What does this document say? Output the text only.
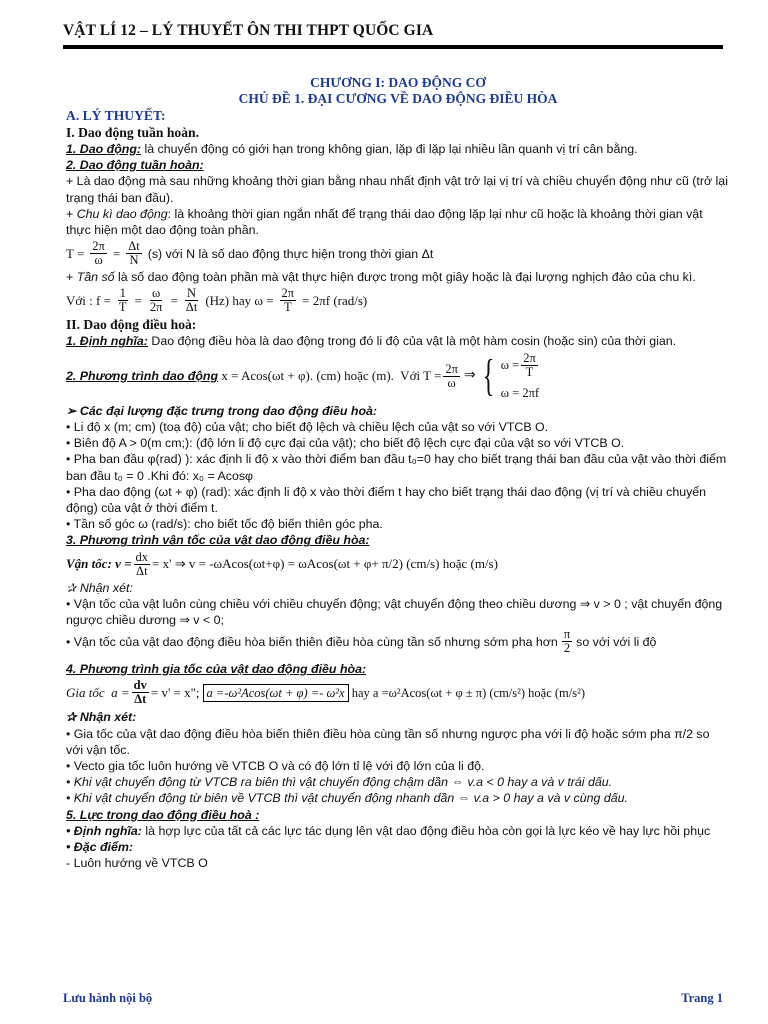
VẬT LÍ 12 – LÝ THUYẾT ÔN THI THPT QUỐC GIA
CHƯƠNG I: DAO ĐỘNG CƠ
CHỦ ĐỀ 1. ĐẠI CƯƠNG VỀ DAO ĐỘNG ĐIỀU HÒA
A. LÝ THUYẾT:
I. Dao động tuần hoàn.
1. Dao động: là chuyển động có giới hạn trong không gian, lặp đi lặp lại nhiều lần quanh vị trí cân bằng.
2. Dao động tuần hoàn:
+ Là dao động mà sau những khoảng thời gian bằng nhau nhất định vật trở lại vị trí và chiều chuyển động như cũ (trở lại trạng thái ban đầu).
+ Chu kì dao động: là khoảng thời gian ngắn nhất để trạng thái dao động lặp lại như cũ hoặc là khoảng thời gian vật thực hiện một dao động toàn phần.
$T = \frac{2\pi}{\omega} = \frac{\Delta t}{N} (s)$ với N là số dao động thực hiện trong thời gian Δt
+ Tần số là số dao động toàn phần mà vật thực hiện được trong một giây hoặc là đại lượng nghịch đảo của chu kì.
Với : $f = \frac{1}{T} = \frac{\omega}{2\pi} = \frac{N}{\Delta t} (Hz)$ hay $\omega = \frac{2\pi}{T} = 2\pi f$ (rad/s)
II. Dao động điều hoà:
1. Định nghĩa: Dao động điều hòa là dao động trong đó li độ của vật là một hàm cosin (hoặc sin) của thời gian.
2. Phương trình dao động x = Acos(ωt + φ). (cm) hoặc (m).  Với $T = \frac{2\pi}{\omega}$ ⇒ { $\omega = \frac{2\pi}{T}$
ω = 2πf
➢ Các đại lượng đặc trưng trong dao động điều hoà:
• Li độ x (m; cm) (toạ độ) của vật; cho biết độ lệch và chiều lệch của vật so với VTCB O.
• Biên độ A > 0(m cm;): (độ lớn li độ cực đại của vật); cho biết độ lệch cực đại của vật so với VTCB O.
• Pha ban đầu φ(rad) ): xác định li độ x vào thời điểm ban đầu t₀=0 hay cho biết trạng thái ban đầu của vật vào thời điểm ban đầu t₀ = 0 .Khi đó: x₀ = Acosφ
• Pha dao động (ωt + φ) (rad): xác định li độ x vào thời điểm t hay cho biết trạng thái dao động (vị trí và chiều chuyển động) của vật ở thời điểm t.
• Tần số góc ω (rad/s): cho biết tốc độ biến thiên góc pha.
3. Phương trình vận tốc của vật dao động điều hòa:
Vận tốc: $v = \frac{dx}{\Delta t} = x'$ ⇒ v = -ωAcos(ωt+φ) = ωAcos(ωt + φ+ π/2) (cm/s) hoặc (m/s)
✰ Nhận xét:
• Vận tốc của vật luôn cùng chiều với chiều chuyển động; vật chuyển động theo chiều dương ⇒ v > 0 ; vật chuyển động ngược chiều dương ⇒ v < 0;
• Vận tốc của vật dao động điều hòa biến thiên điều hòa cùng tần số nhưng sớm pha hơn $\frac{\pi}{2}$ so với với li độ
4. Phương trình gia tốc của vật dao động điều hòa:
Gia tốc  $a = \frac{dv}{\Delta t} = v' = x$"; a =-ω²Acos(ωt + φ) =- ω²x hay a =ω²Acos(ωt + φ ± π) (cm/s²) hoặc (m/s²)
✰ Nhận xét:
• Gia tốc của vật dao động điều hòa biến thiên điều hòa cùng tần số nhưng ngược pha với li độ hoặc sớm pha π/2 so với vận tốc.
• Vecto gia tốc luôn hướng về VTCB O và có độ lớn tỉ lệ với độ lớn của li độ.
• Khi vật chuyển động từ VTCB ra biên thì vật chuyển động chậm dần ⇔ v.a < 0 hay a và v trái dấu.
• Khi vật chuyển động từ biên về VTCB thì vật chuyển động nhanh dần ⇔ v.a > 0 hay a và v cùng dấu.
5. Lực trong dao động điều hoà :
• Định nghĩa: là hợp lực của tất cả các lực tác dụng lên vật dao động điều hòa còn gọi là lực kéo về hay lực hồi phục
• Đặc điểm:
- Luôn hướng về VTCB O
Lưu hành nội bộ	Trang 1
